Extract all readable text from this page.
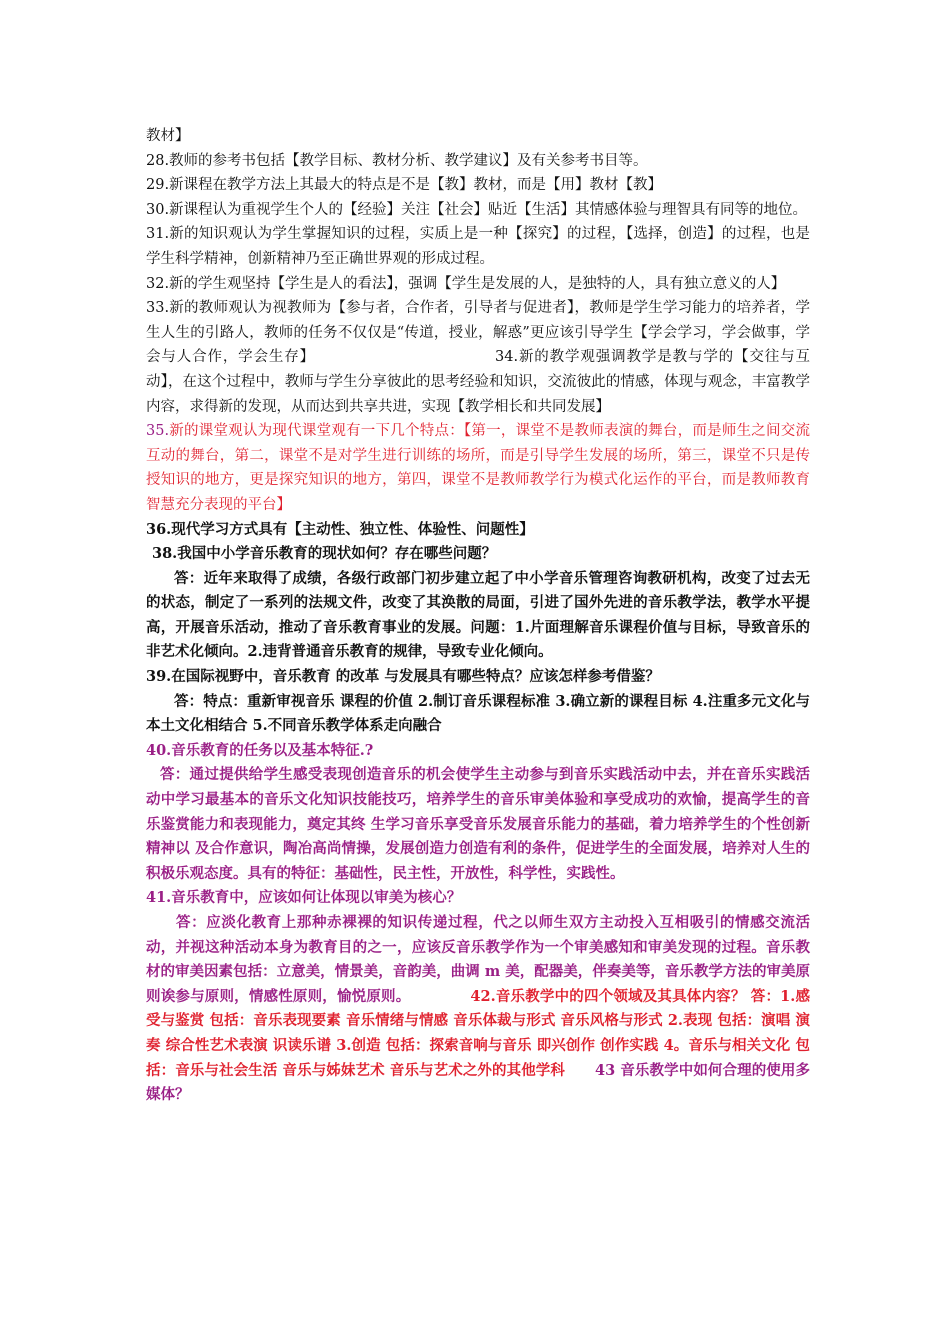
教材】

28.教师的参考书包括【教学目标、教材分析、教学建议】及有关参考书目等。

29.新课程在教学方法上其最大的特点是不是【教】教材，而是【用】教材【教】

30.新课程认为重视学生个人的【经验】关注【社会】贴近【生活】其情感体验与理智具有同等的地位。

31.新的知识观认为学生掌握知识的过程，实质上是一种【探究】的过程，【选择，创造】的过程，也是学生科学精神，创新精神乃至正确世界观的形成过程。

32.新的学生观坚持【学生是人的看法】，强调【学生是发展的人，是独特的人，具有独立意义的人】

33.新的教师观认为视教师为【参与者，合作者，引导者与促进者】，教师是学生学习能力的培养者，学生人生的引路人，教师的任务不仅仅是“传道，授业，解惑”更应该引导学生【学会学习，学会做事，学会与人合作，学会生存】	34.新的教学观强调教学是教与学的【交往与互动】，在这个过程中，教师与学生分享彼此的思考经验和知识，交流彼此的情感，体现与观念，丰富教学内容，求得新的发现，从而达到共享共进，实现【教学相长和共同发展】

35.新的课堂观认为现代课堂观有一下几个特点：【第一，课堂不是教师表演的舞台，而是师生之间交流互动的舞台，第二，课堂不是对学生进行训练的场所，而是引导学生发展的场所，第三，课堂不只是传授知识的地方，更是探究知识的地方，第四，课堂不是教师教学行为模式化运作的平台，而是教师教育智慧充分表现的平台】

36.现代学习方式具有【主动性、独立性、体验性、问题性】

38.我国中小学音乐教育的现状如何？存在哪些问题？

答：近年来取得了成绩，各级行政部门初步建立起了中小学音乐管理咨询教研机构，改变了过去无的状态，制定了一系列的法规文件，改变了其涣散的局面，引进了国外先进的音乐教学法，教学水平提高，开展音乐活动，推动了音乐教育事业的发展。问题：1.片面理解音乐课程价值与目标，导致音乐的非艺术化倾向。2.违背普通音乐教育的规律，导致专业化倾向。

39.在国际视野中，音乐教育 的改革 与发展具有哪些特点？应该怎样参考借鉴？

答：特点：重新审视音乐 课程的价值 2.制订音乐课程标准 3.确立新的课程目标 4.注重多元文化与本土文化相结合 5.不同音乐教学体系走向融合

40.音乐教育的任务以及基本特征.?

答：通过提供给学生感受表现创造音乐的机会使学生主动参与到音乐实践活动中去，并在音乐实践活动中学习最基本的音乐文化知识技能技巧，培养学生的音乐审美体验和享受成功的欢愉，提高学生的音乐鉴赏能力和表现能力，奠定其终 生学习音乐享受音乐发展音乐能力的基础，着力培养学生的个性创新精神以 及合作意识，陶冶高尚情操，发展创造力创造有利的条件，促进学生的全面发展，培养对人生的积极乐观态度。具有的特征：基础性，民主性，开放性，科学性，实践性。

41.音乐教育中，应该如何让体现以审美为核心？

答：应淡化教育上那种赤裸裸的知识传递过程，代之以师生双方主动投入互相吸引的情感交流活动，并视这种活动本身为教育目的之一，应该反音乐教学作为一个审美感知和审美发现的过程。音乐教材的审美因素包括：立意美，情景美，音韵美，曲调 m 美，配器美，伴奏美等，音乐教学方法的审美原则诶参与原则，情感性原则，愉悦原则。	42.音乐教学中的四个领域及其具体内容？ 答：1.感受与鉴赏 包括：音乐表现要素 音乐情绪与情感 音乐体裁与形式 音乐风格与形式 2.表现 包括：演唱 演奏 综合性艺术表演 识读乐谱 3.创造 包括：探索音响与音乐 即兴创作 创作实践 4。音乐与相关文化 包括：音乐与社会生活 音乐与姊妹艺术 音乐与艺术之外的其他学科 43 音乐教学中如何合理的使用多媒体？
